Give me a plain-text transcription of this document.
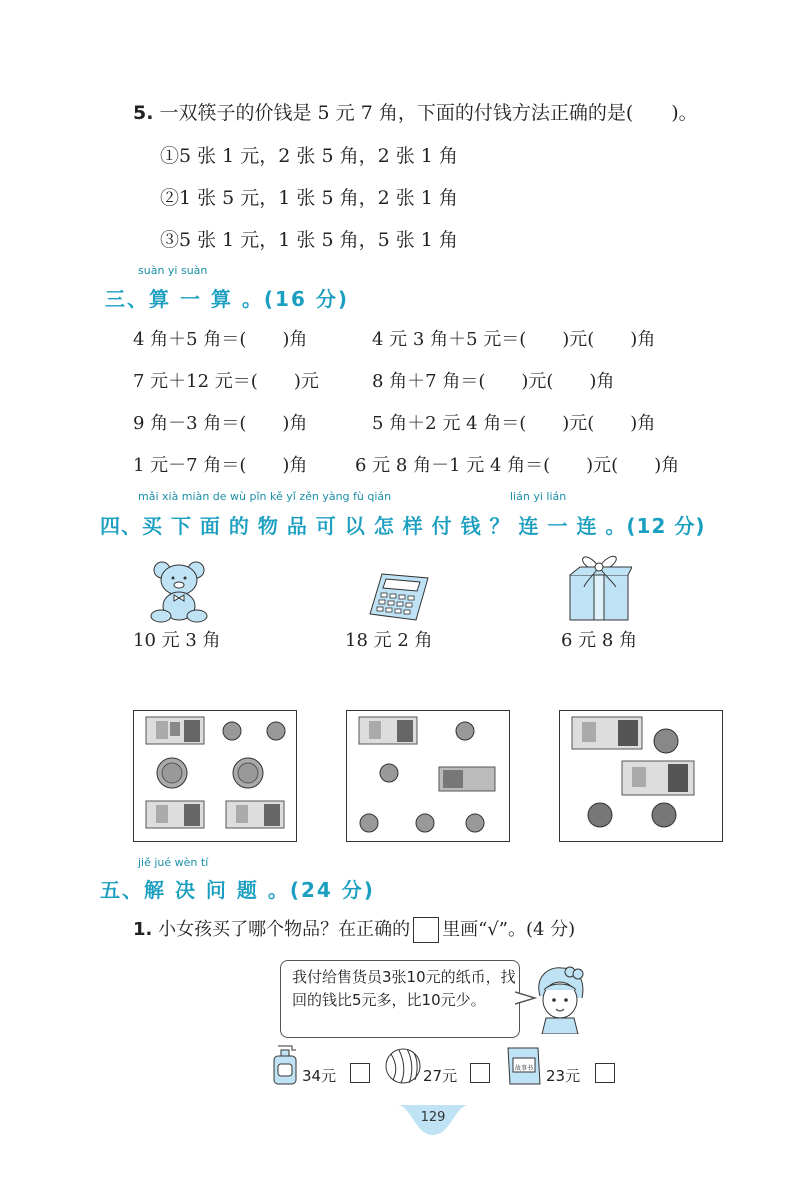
5. 一双筷子的价钱是 5 元 7 角，下面的付钱方法正确的是(　　)。
①5 张 1 元，2 张 5 角，2 张 1 角
②1 张 5 元，1 张 5 角，2 张 1 角
③5 张 1 元，1 张 5 角，5 张 1 角
suàn yi suàn
三、算 一 算 。(16 分)
4 角＋5 角＝(　　)角	4 元 3 角＋5 元＝(　　)元(　　)角
7 元＋12 元＝(　　)元	8 角＋7 角＝(　　)元(　　)角
9 角－3 角＝(　　)角	5 角＋2 元 4 角＝(　　)元(　　)角
1 元－7 角＝(　　)角	6 元 8 角－1 元 4 角＝(　　)元(　　)角
mǎi xià miàn de wù pǐn kě yǐ zěn yàng fù qián	lián yi lián
四、买 下 面 的 物 品 可 以 怎 样 付 钱 ？ 连 一 连 。(12 分)
10 元 3 角	18 元 2 角	6 元 8 角
jiě jué wèn tí
五、解 决 问 题 。(24 分)
1. 小女孩买了哪个物品？在正确的 里画“√”。(4 分)
我付给售货员3张10元的纸币，找回的钱比5元多，比10元少。
34元	27元	故事书 23元
129
